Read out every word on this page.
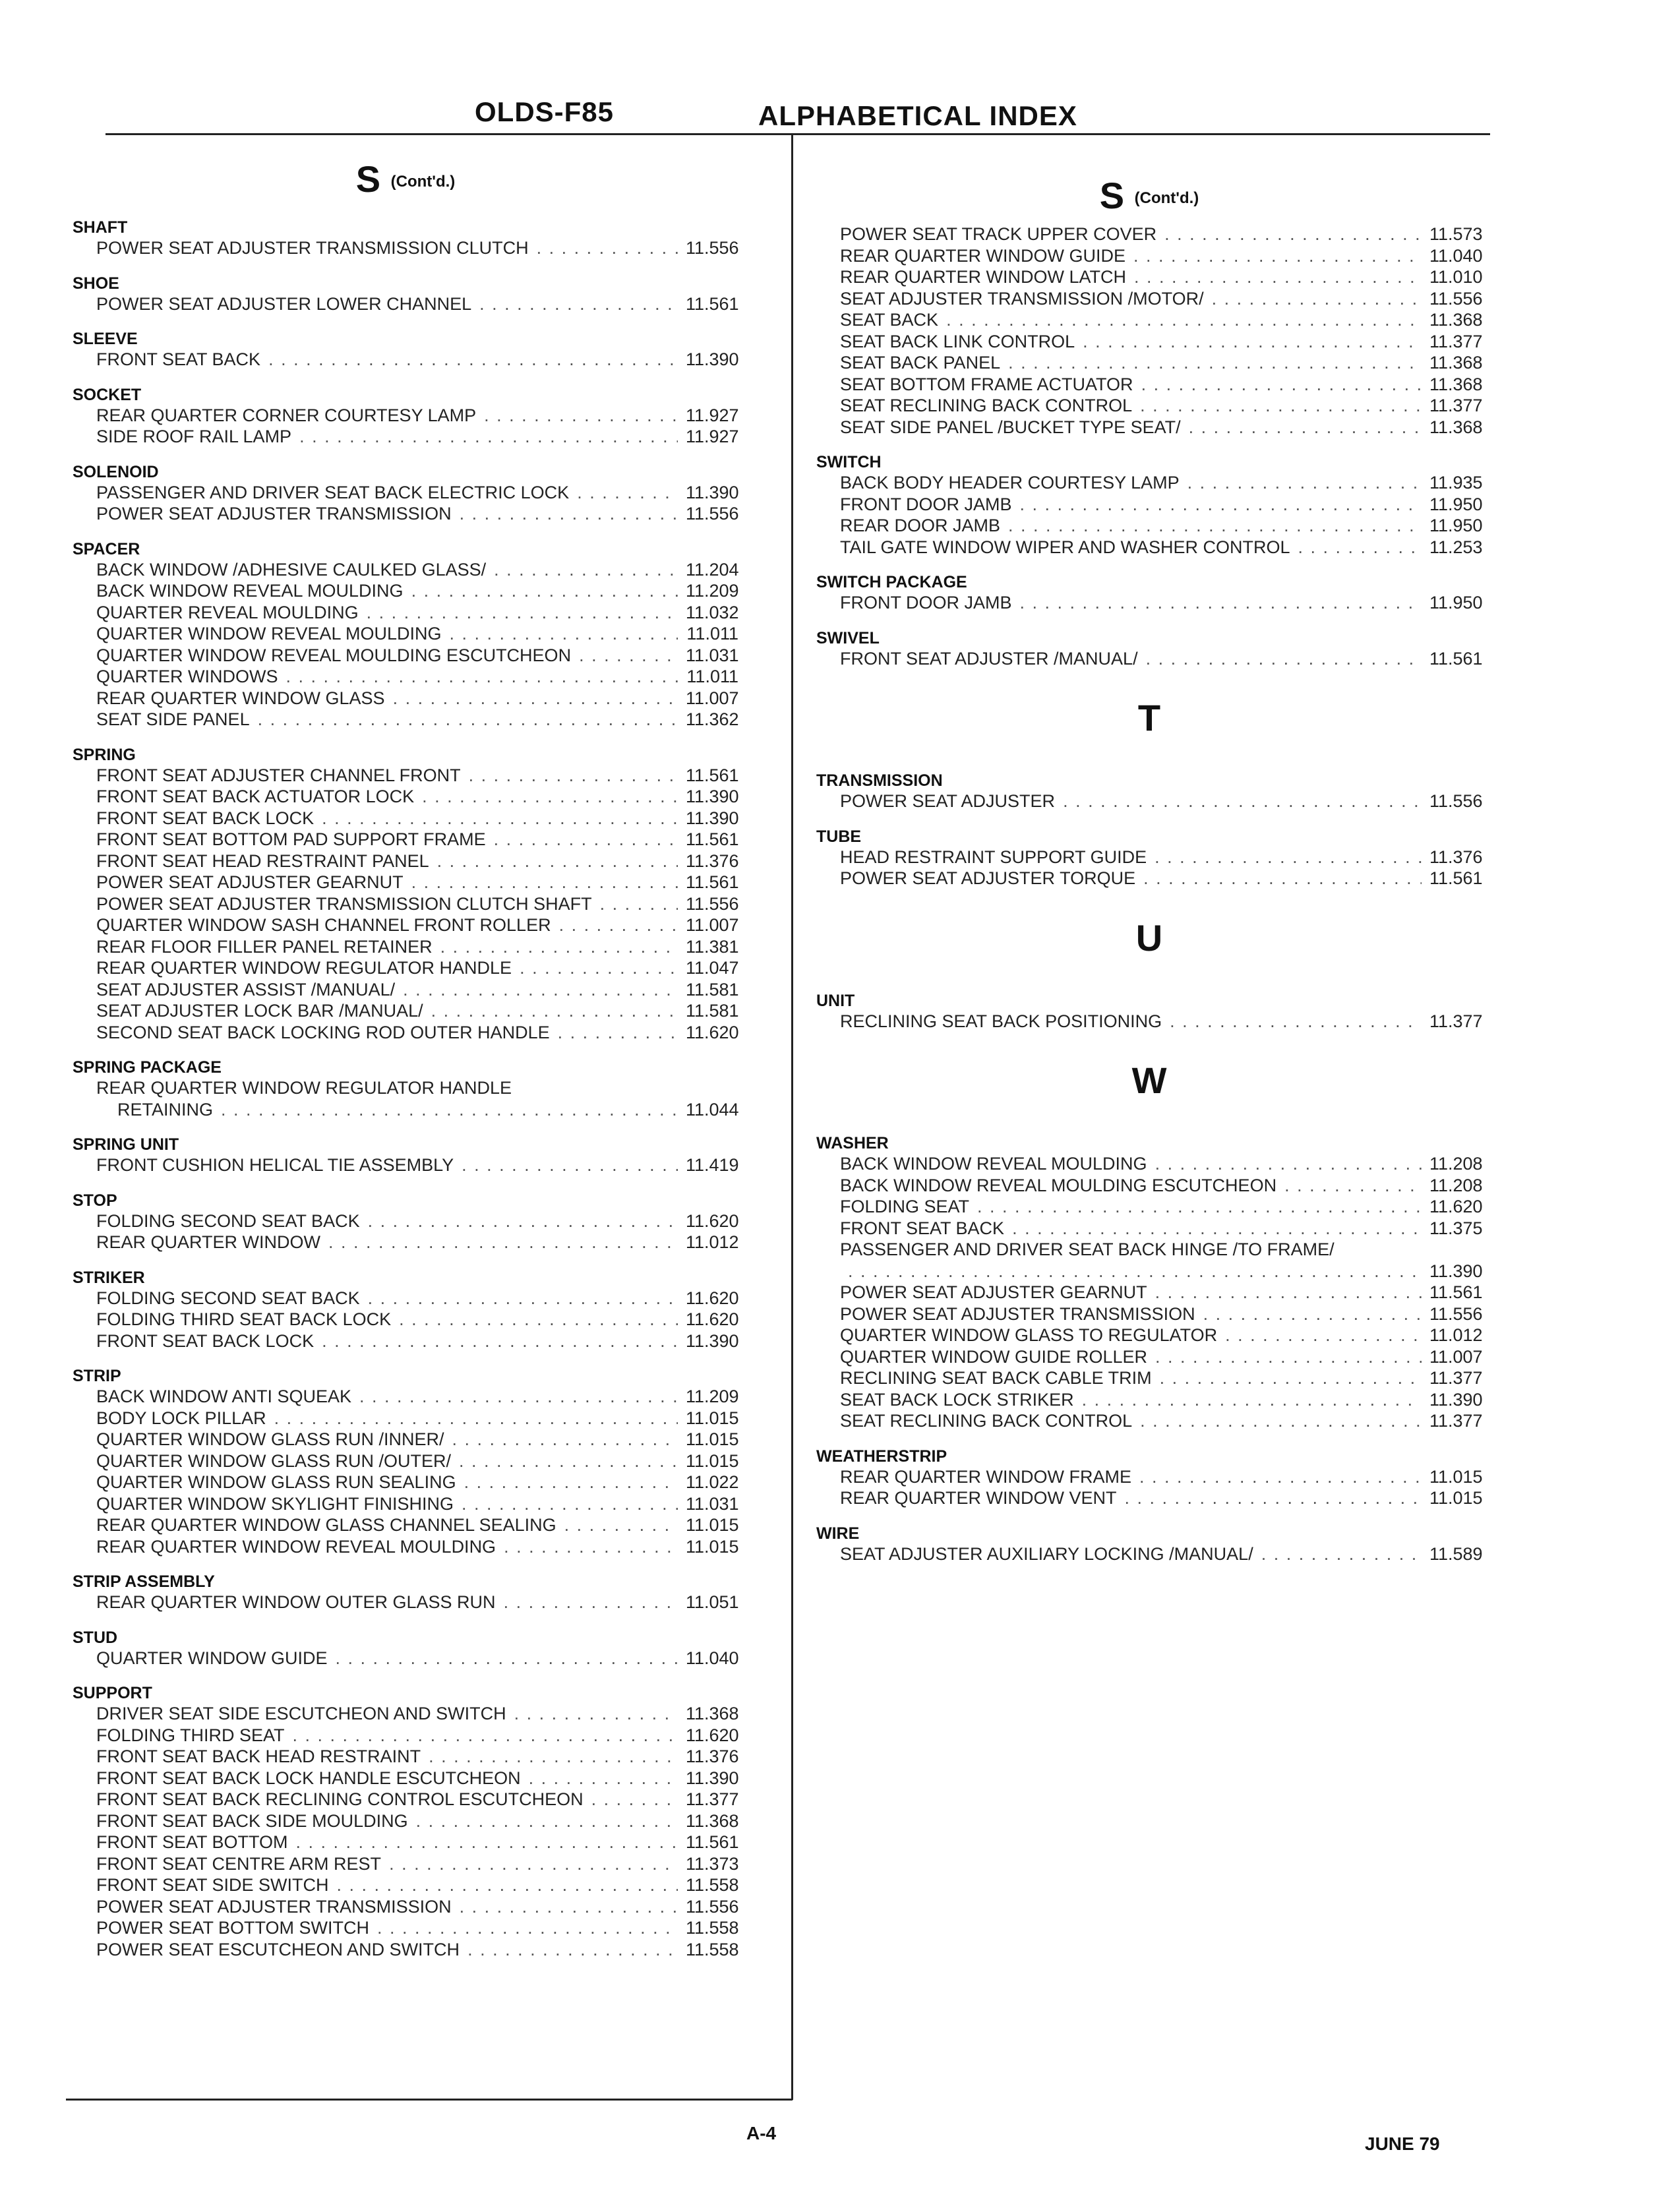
OLDS-F85	ALPHABETICAL INDEX
S (Cont'd.)
SHAFT
POWER SEAT ADJUSTER TRANSMISSION CLUTCH . . .	11.556
SHOE
POWER SEAT ADJUSTER LOWER CHANNEL . . .	11.561
SLEEVE
FRONT SEAT BACK . . .	11.390
SOCKET
REAR QUARTER CORNER COURTESY LAMP . . .	11.927
SIDE ROOF RAIL LAMP . . .	11.927
SOLENOID
PASSENGER AND DRIVER SEAT BACK ELECTRIC LOCK . . .	11.390
POWER SEAT ADJUSTER TRANSMISSION . . .	11.556
SPACER
BACK WINDOW /ADHESIVE CAULKED GLASS/ . . .	11.204
BACK WINDOW REVEAL MOULDING . . .	11.209
QUARTER REVEAL MOULDING . . .	11.032
QUARTER WINDOW REVEAL MOULDING . . .	11.011
QUARTER WINDOW REVEAL MOULDING ESCUTCHEON . . .	11.031
QUARTER WINDOWS . . .	11.011
REAR QUARTER WINDOW GLASS . . .	11.007
SEAT SIDE PANEL . . .	11.362
SPRING
FRONT SEAT ADJUSTER CHANNEL FRONT . . .	11.561
FRONT SEAT BACK ACTUATOR LOCK . . .	11.390
FRONT SEAT BACK LOCK . . .	11.390
FRONT SEAT BOTTOM PAD SUPPORT FRAME . . .	11.561
FRONT SEAT HEAD RESTRAINT PANEL . . .	11.376
POWER SEAT ADJUSTER GEARNUT . . .	11.561
POWER SEAT ADJUSTER TRANSMISSION CLUTCH SHAFT . . .	11.556
QUARTER WINDOW SASH CHANNEL FRONT ROLLER . . .	11.007
REAR FLOOR FILLER PANEL RETAINER . . .	11.381
REAR QUARTER WINDOW REGULATOR HANDLE . . .	11.047
SEAT ADJUSTER ASSIST /MANUAL/ . . .	11.581
SEAT ADJUSTER LOCK BAR /MANUAL/ . . .	11.581
SECOND SEAT BACK LOCKING ROD OUTER HANDLE . . .	11.620
SPRING PACKAGE
REAR QUARTER WINDOW REGULATOR HANDLE
RETAINING . . .	11.044
SPRING UNIT
FRONT CUSHION HELICAL TIE ASSEMBLY . . .	11.419
STOP
FOLDING SECOND SEAT BACK . . .	11.620
REAR QUARTER WINDOW . . .	11.012
STRIKER
FOLDING SECOND SEAT BACK . . .	11.620
FOLDING THIRD SEAT BACK LOCK . . .	11.620
FRONT SEAT BACK LOCK . . .	11.390
STRIP
BACK WINDOW ANTI SQUEAK . . .	11.209
BODY LOCK PILLAR . . .	11.015
QUARTER WINDOW GLASS RUN /INNER/ . . .	11.015
QUARTER WINDOW GLASS RUN /OUTER/ . . .	11.015
QUARTER WINDOW GLASS RUN SEALING . . .	11.022
QUARTER WINDOW SKYLIGHT FINISHING . . .	11.031
REAR QUARTER WINDOW GLASS CHANNEL SEALING . . .	11.015
REAR QUARTER WINDOW REVEAL MOULDING . . .	11.015
STRIP ASSEMBLY
REAR QUARTER WINDOW OUTER GLASS RUN . . .	11.051
STUD
QUARTER WINDOW GUIDE . . .	11.040
SUPPORT
DRIVER SEAT SIDE ESCUTCHEON AND SWITCH . . .	11.368
FOLDING THIRD SEAT . . .	11.620
FRONT SEAT BACK HEAD RESTRAINT . . .	11.376
FRONT SEAT BACK LOCK HANDLE ESCUTCHEON . . .	11.390
FRONT SEAT BACK RECLINING CONTROL ESCUTCHEON . . .	11.377
FRONT SEAT BACK SIDE MOULDING . . .	11.368
FRONT SEAT BOTTOM . . .	11.561
FRONT SEAT CENTRE ARM REST . . .	11.373
FRONT SEAT SIDE SWITCH . . .	11.558
POWER SEAT ADJUSTER TRANSMISSION . . .	11.556
POWER SEAT BOTTOM SWITCH . . .	11.558
POWER SEAT ESCUTCHEON AND SWITCH . . .	11.558
S (Cont'd.)
POWER SEAT TRACK UPPER COVER . . .	11.573
REAR QUARTER WINDOW GUIDE . . .	11.040
REAR QUARTER WINDOW LATCH . . .	11.010
SEAT ADJUSTER TRANSMISSION /MOTOR/ . . .	11.556
SEAT BACK . . .	11.368
SEAT BACK LINK CONTROL . . .	11.377
SEAT BACK PANEL . . .	11.368
SEAT BOTTOM FRAME ACTUATOR . . .	11.368
SEAT RECLINING BACK CONTROL . . .	11.377
SEAT SIDE PANEL /BUCKET TYPE SEAT/ . . .	11.368
SWITCH
BACK BODY HEADER COURTESY LAMP . . .	11.935
FRONT DOOR JAMB . . .	11.950
REAR DOOR JAMB . . .	11.950
TAIL GATE WINDOW WIPER AND WASHER CONTROL . . .	11.253
SWITCH PACKAGE
FRONT DOOR JAMB . . .	11.950
SWIVEL
FRONT SEAT ADJUSTER /MANUAL/ . . .	11.561
T
TRANSMISSION
POWER SEAT ADJUSTER . . .	11.556
TUBE
HEAD RESTRAINT SUPPORT GUIDE . . .	11.376
POWER SEAT ADJUSTER TORQUE . . .	11.561
U
UNIT
RECLINING SEAT BACK POSITIONING . . .	11.377
W
WASHER
BACK WINDOW REVEAL MOULDING . . .	11.208
BACK WINDOW REVEAL MOULDING ESCUTCHEON . . .	11.208
FOLDING SEAT . . .	11.620
FRONT SEAT BACK . . .	11.375
PASSENGER AND DRIVER SEAT BACK HINGE /TO FRAME/
. . .
11.390
POWER SEAT ADJUSTER GEARNUT . . .	11.561
POWER SEAT ADJUSTER TRANSMISSION . . .	11.556
QUARTER WINDOW GLASS TO REGULATOR . . .	11.012
QUARTER WINDOW GUIDE ROLLER . . .	11.007
RECLINING SEAT BACK CABLE TRIM . . .	11.377
SEAT BACK LOCK STRIKER . . .	11.390
SEAT RECLINING BACK CONTROL . . .	11.377
WEATHERSTRIP
REAR QUARTER WINDOW FRAME . . .	11.015
REAR QUARTER WINDOW VENT . . .	11.015
WIRE
SEAT ADJUSTER AUXILIARY LOCKING /MANUAL/ . . .	11.589
A-4
JUNE 79
